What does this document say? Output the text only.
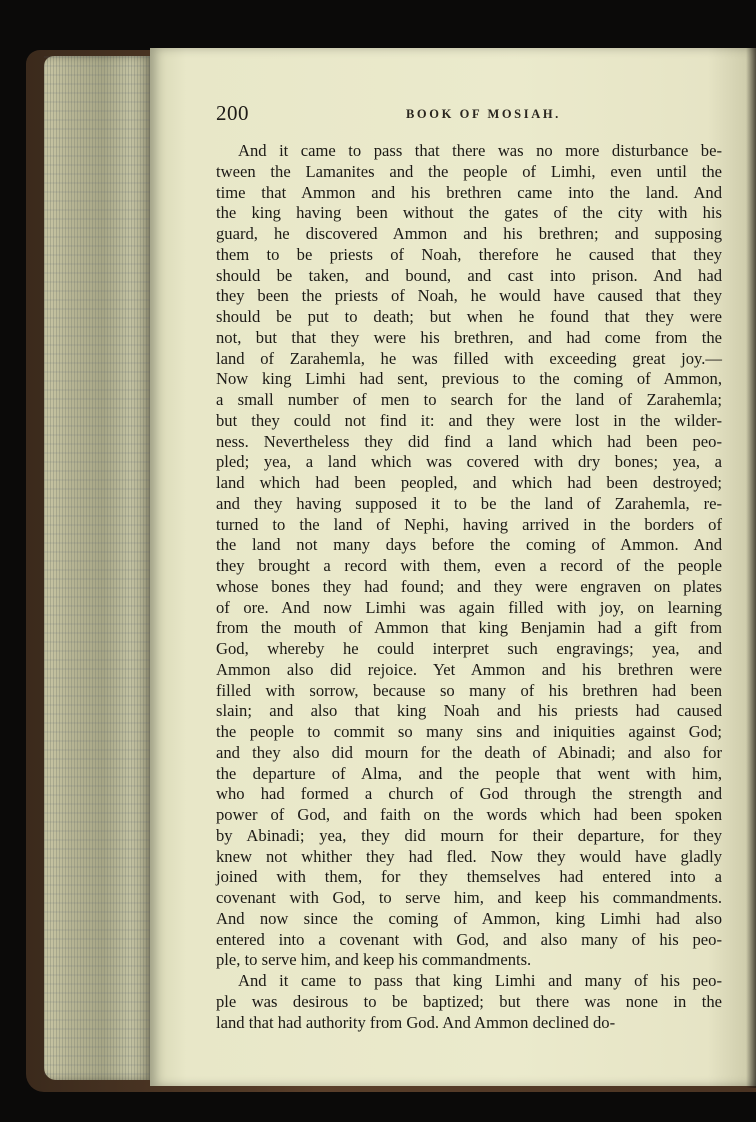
200	BOOK OF MOSIAH.

And it came to pass that there was no more disturbance be-
tween the Lamanites and the people of Limhi, even until the
time that Ammon and his brethren came into the land. And
the king having been without the gates of the city with his
guard, he discovered Ammon and his brethren; and supposing
them to be priests of Noah, therefore he caused that they
should be taken, and bound, and cast into prison. And had
they been the priests of Noah, he would have caused that they
should be put to death; but when he found that they were
not, but that they were his brethren, and had come from the
land of Zarahemla, he was filled with exceeding great joy.—
Now king Limhi had sent, previous to the coming of Ammon,
a small number of men to search for the land of Zarahemla;
but they could not find it: and they were lost in the wilder-
ness. Nevertheless they did find a land which had been peo-
pled; yea, a land which was covered with dry bones; yea, a
land which had been peopled, and which had been destroyed;
and they having supposed it to be the land of Zarahemla, re-
turned to the land of Nephi, having arrived in the borders of
the land not many days before the coming of Ammon. And
they brought a record with them, even a record of the people
whose bones they had found; and they were engraven on plates
of ore. And now Limhi was again filled with joy, on learning
from the mouth of Ammon that king Benjamin had a gift from
God, whereby he could interpret such engravings; yea, and
Ammon also did rejoice. Yet Ammon and his brethren were
filled with sorrow, because so many of his brethren had been
slain; and also that king Noah and his priests had caused
the people to commit so many sins and iniquities against God;
and they also did mourn for the death of Abinadi; and also for
the departure of Alma, and the people that went with him,
who had formed a church of God through the strength and
power of God, and faith on the words which had been spoken
by Abinadi; yea, they did mourn for their departure, for they
knew not whither they had fled. Now they would have gladly
joined with them, for they themselves had entered into a
covenant with God, to serve him, and keep his commandments.
And now since the coming of Ammon, king Limhi had also
entered into a covenant with God, and also many of his peo-
ple, to serve him, and keep his commandments.

And it came to pass that king Limhi and many of his peo-
ple was desirous to be baptized; but there was none in the
land that had authority from God. And Ammon declined do-
